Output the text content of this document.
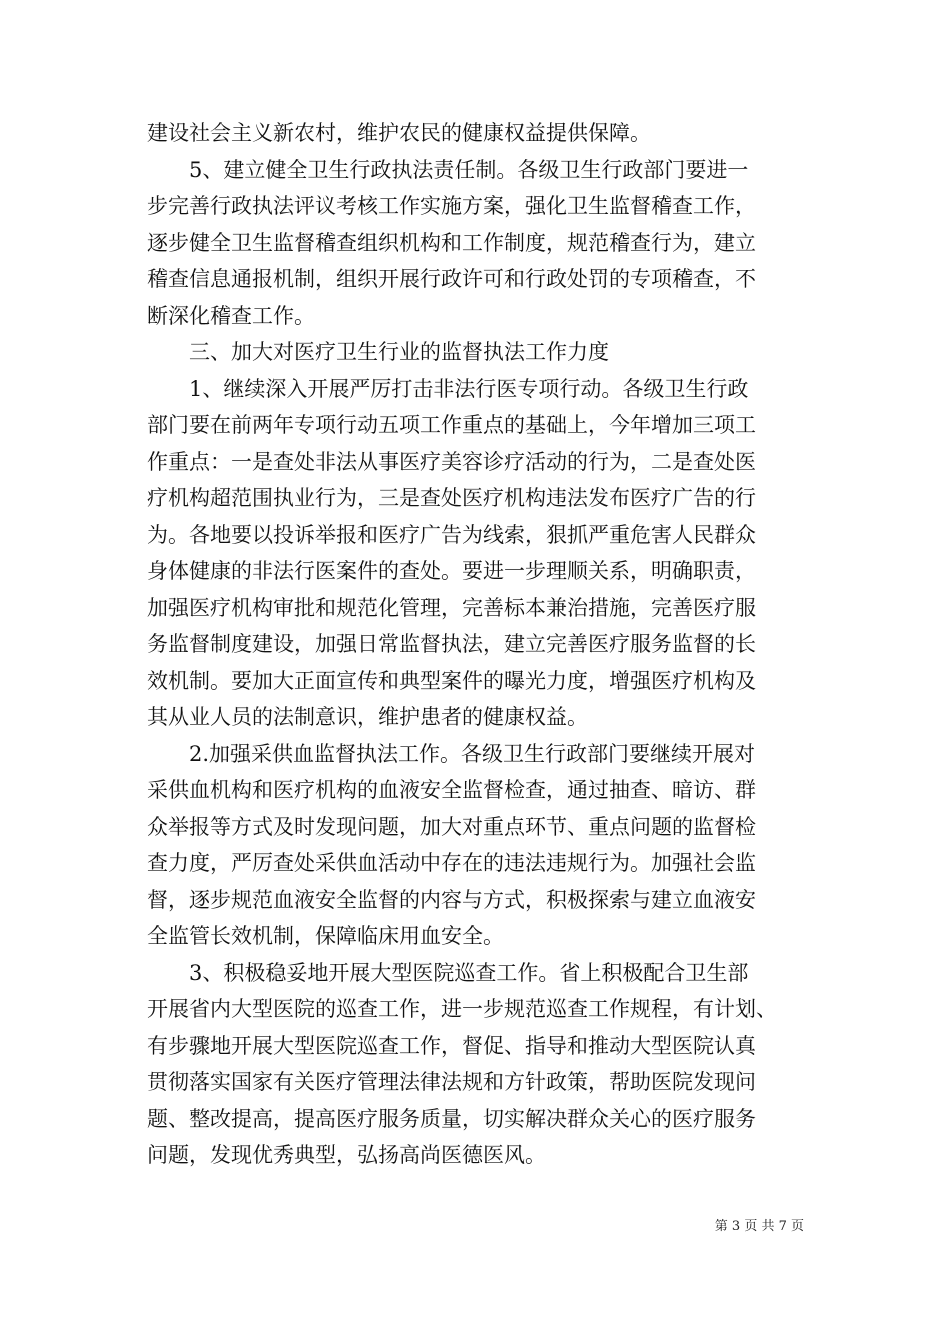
建设社会主义新农村，维护农民的健康权益提供保障。
　　5、建立健全卫生行政执法责任制。各级卫生行政部门要进一
步完善行政执法评议考核工作实施方案，强化卫生监督稽查工作，
逐步健全卫生监督稽查组织机构和工作制度，规范稽查行为，建立
稽查信息通报机制，组织开展行政许可和行政处罚的专项稽查，不
断深化稽查工作。
　　三、加大对医疗卫生行业的监督执法工作力度
　　1、继续深入开展严厉打击非法行医专项行动。各级卫生行政
部门要在前两年专项行动五项工作重点的基础上，今年增加三项工
作重点：一是查处非法从事医疗美容诊疗活动的行为，二是查处医
疗机构超范围执业行为，三是查处医疗机构违法发布医疗广告的行
为。各地要以投诉举报和医疗广告为线索，狠抓严重危害人民群众
身体健康的非法行医案件的查处。要进一步理顺关系，明确职责，
加强医疗机构审批和规范化管理，完善标本兼治措施，完善医疗服
务监督制度建设，加强日常监督执法，建立完善医疗服务监督的长
效机制。要加大正面宣传和典型案件的曝光力度，增强医疗机构及
其从业人员的法制意识，维护患者的健康权益。
　　2.加强采供血监督执法工作。各级卫生行政部门要继续开展对
采供血机构和医疗机构的血液安全监督检查，通过抽查、暗访、群
众举报等方式及时发现问题，加大对重点环节、重点问题的监督检
查力度，严厉查处采供血活动中存在的违法违规行为。加强社会监
督，逐步规范血液安全监督的内容与方式，积极探索与建立血液安
全监管长效机制，保障临床用血安全。
　　3、积极稳妥地开展大型医院巡查工作。省上积极配合卫生部
开展省内大型医院的巡查工作，进一步规范巡查工作规程，有计划、
有步骤地开展大型医院巡查工作，督促、指导和推动大型医院认真
贯彻落实国家有关医疗管理法律法规和方针政策，帮助医院发现问
题、整改提高，提高医疗服务质量，切实解决群众关心的医疗服务
问题，发现优秀典型，弘扬高尚医德医风。
第 3 页 共 7 页
